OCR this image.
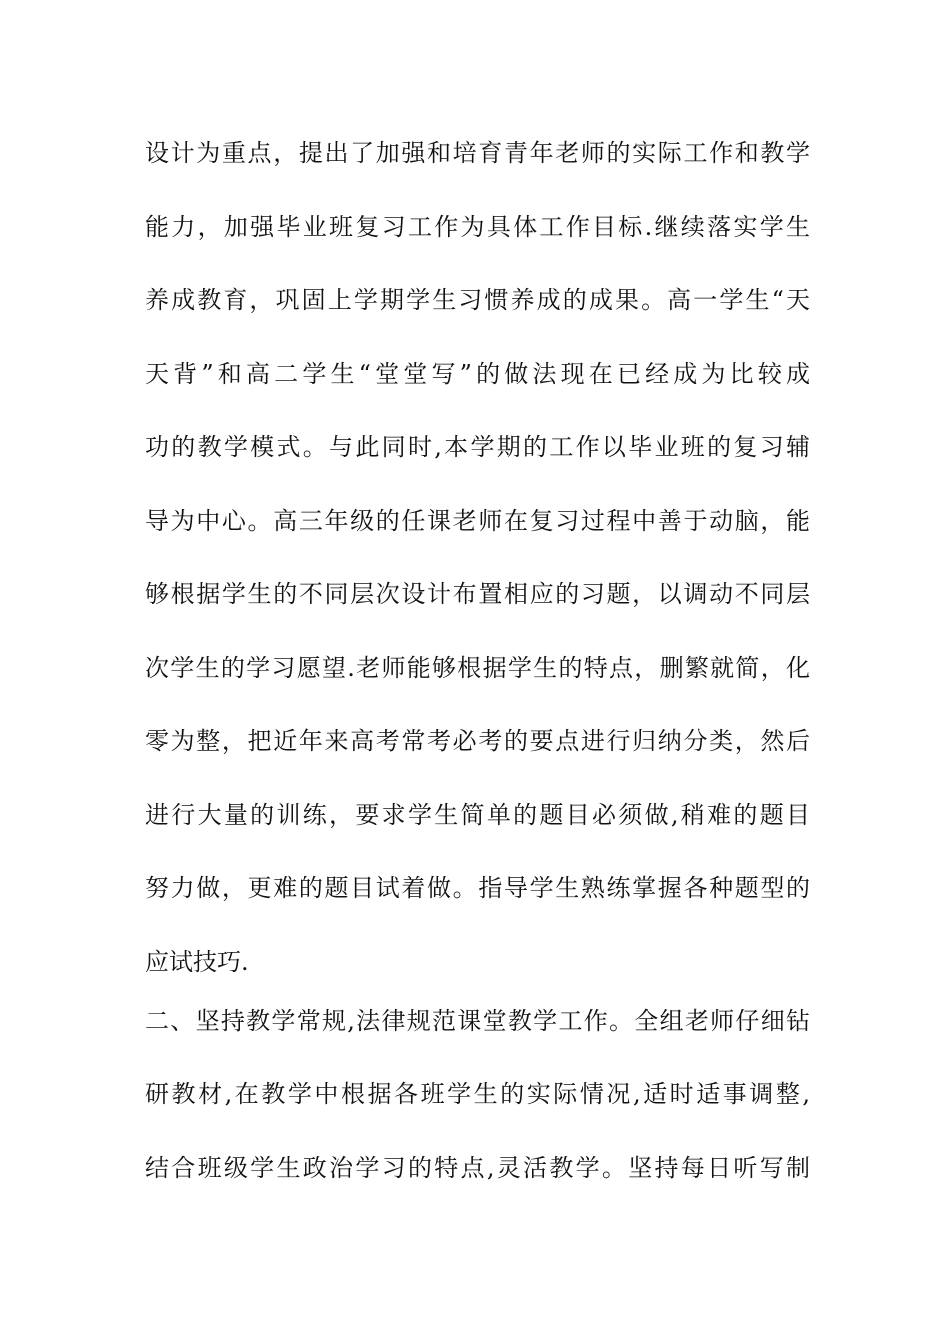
设计为重点，提出了加强和培育青年老师的实际工作和教学
能力，加强毕业班复习工作为具体工作目标.继续落实学生
养成教育，巩固上学期学生习惯养成的成果。高一学生“天
天背”和高二学生“堂堂写”的做法现在已经成为比较成
功的教学模式。与此同时,本学期的工作以毕业班的复习辅
导为中心。高三年级的任课老师在复习过程中善于动脑，能
够根据学生的不同层次设计布置相应的习题，以调动不同层
次学生的学习愿望.老师能够根据学生的特点，删繁就简，化
零为整，把近年来高考常考必考的要点进行归纳分类，然后
进行大量的训练，要求学生简单的题目必须做,稍难的题目
努力做，更难的题目试着做。指导学生熟练掌握各种题型的
应试技巧.
二、坚持教学常规,法律规范课堂教学工作。全组老师仔细钻
研教材,在教学中根据各班学生的实际情况,适时适事调整,
结合班级学生政治学习的特点,灵活教学。坚持每日听写制
